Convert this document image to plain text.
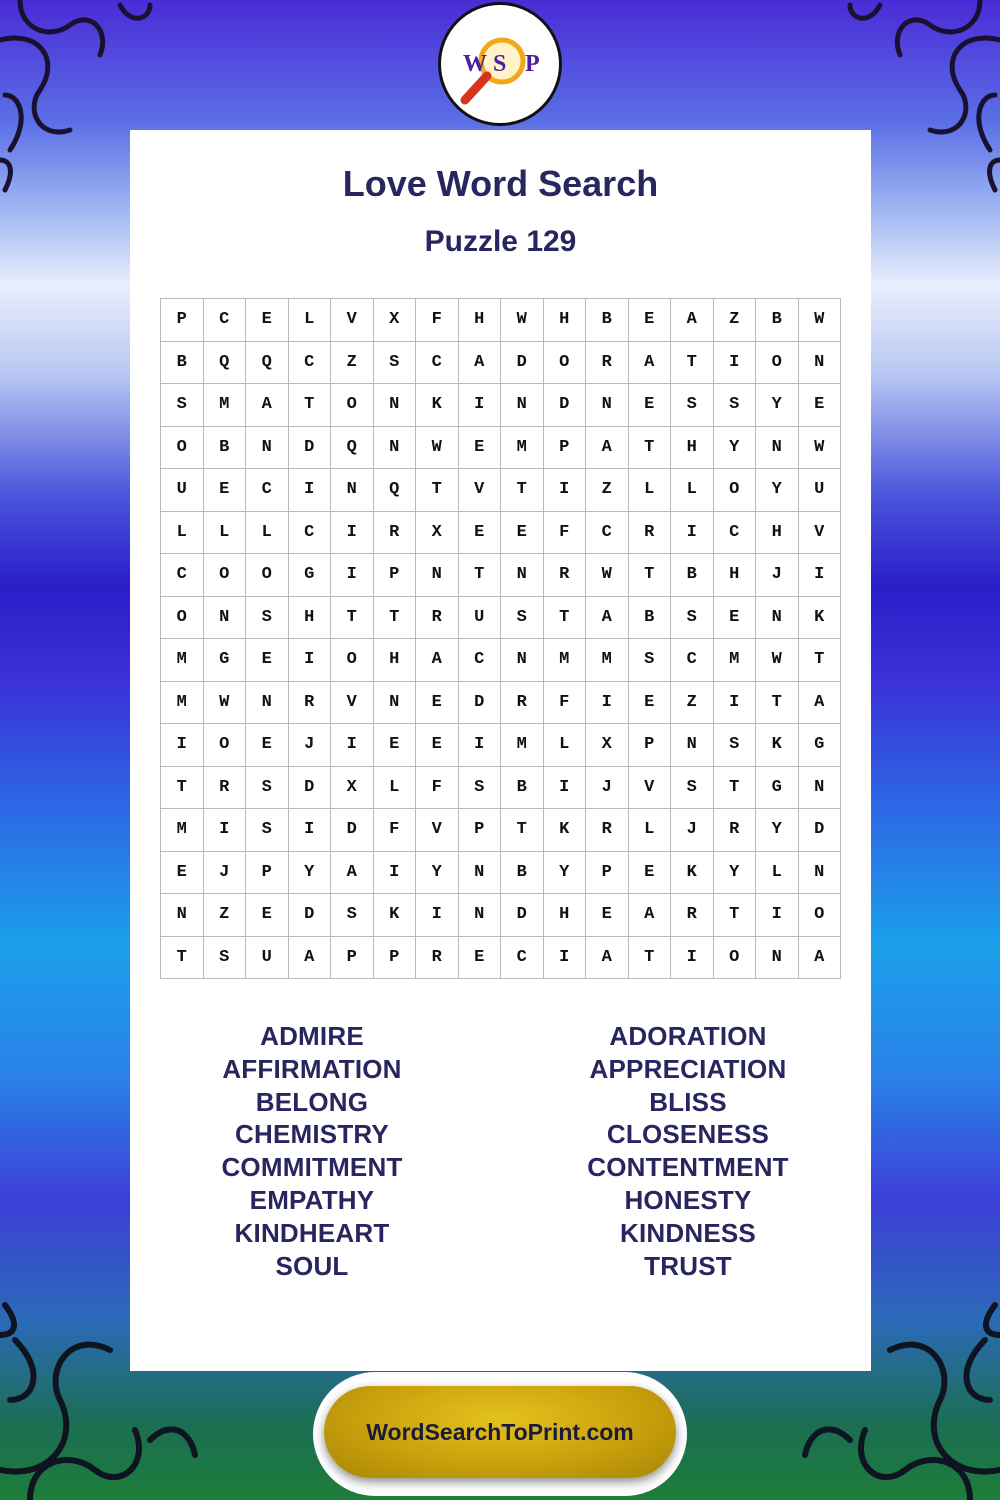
W S P
Love Word Search
Puzzle 129
P	C	E	L	V	X	F	H	W	H	B	E	A	Z	B	W
B	Q	Q	C	Z	S	C	A	D	O	R	A	T	I	O	N
S	M	A	T	O	N	K	I	N	D	N	E	S	S	Y	E
O	B	N	D	Q	N	W	E	M	P	A	T	H	Y	N	W
U	E	C	I	N	Q	T	V	T	I	Z	L	L	O	Y	U
L	L	L	C	I	R	X	E	E	F	C	R	I	C	H	V
C	O	O	G	I	P	N	T	N	R	W	T	B	H	J	I
O	N	S	H	T	T	R	U	S	T	A	B	S	E	N	K
M	G	E	I	O	H	A	C	N	M	M	S	C	M	W	T
M	W	N	R	V	N	E	D	R	F	I	E	Z	I	T	A
I	O	E	J	I	E	E	I	M	L	X	P	N	S	K	G
T	R	S	D	X	L	F	S	B	I	J	V	S	T	G	N
M	I	S	I	D	F	V	P	T	K	R	L	J	R	Y	D
E	J	P	Y	A	I	Y	N	B	Y	P	E	K	Y	L	N
N	Z	E	D	S	K	I	N	D	H	E	A	R	T	I	O
T	S	U	A	P	P	R	E	C	I	A	T	I	O	N	A
ADMIRE
AFFIRMATION
BELONG
CHEMISTRY
COMMITMENT
EMPATHY
KINDHEART
SOUL
ADORATION
APPRECIATION
BLISS
CLOSENESS
CONTENTMENT
HONESTY
KINDNESS
TRUST
WordSearchToPrint.com
